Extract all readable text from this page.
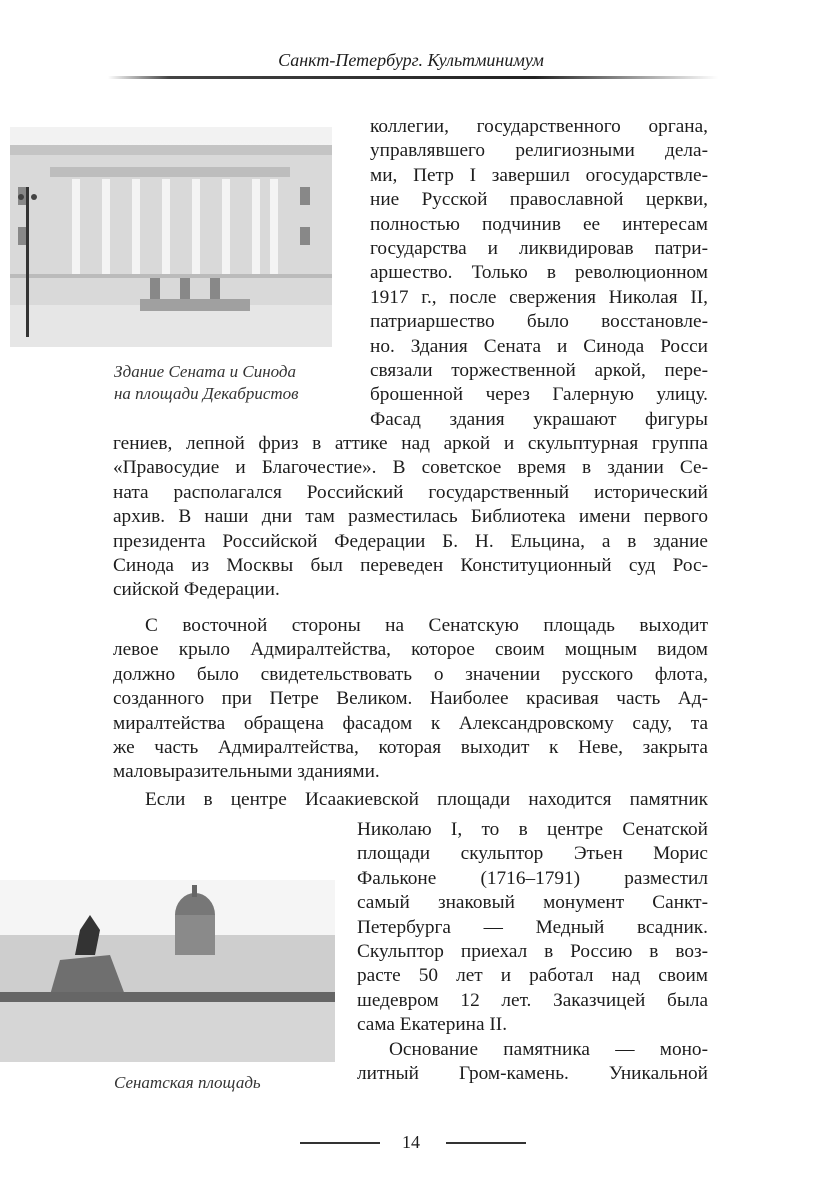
Санкт-Петербург. Культминимум
Здание Сената и Синода
на площади Декабристов
Сенатская площадь
коллегии, государственного органа,
управлявшего религиозными дела-
ми, Петр I завершил огосударствле-
ние Русской православной церкви,
полностью подчинив ее интересам
государства и ликвидировав патри-
аршество. Только в революционном
1917 г., после свержения Николая II,
патриаршество было восстановле-
но. Здания Сената и Синода Росси
связали торжественной аркой, пере-
брошенной через Галерную улицу.
Фасад здания украшают фигуры
гениев, лепной фриз в аттике над аркой и скульптурная группа
«Правосудие и Благочестие». В советское время в здании Се-
ната располагался Российский государственный исторический
архив. В наши дни там разместилась Библиотека имени первого
президента Российской Федерации Б. Н. Ельцина, а в здание
Синода из Москвы был переведен Конституционный суд Рос-
сийской Федерации.
С восточной стороны на Сенатскую площадь выходит
левое крыло Адмиралтейства, которое своим мощным видом
должно было свидетельствовать о значении русского флота,
созданного при Петре Великом. Наиболее красивая часть Ад-
миралтейства обращена фасадом к Александровскому саду, та
же часть Адмиралтейства, которая выходит к Неве, закрыта
маловыразительными зданиями.
Если в центре Исаакиевской площади находится памятник
Николаю I, то в центре Сенатской
площади скульптор Этьен Морис
Фальконе (1716–1791) разместил
самый знаковый монумент Санкт-
Петербурга — Медный всадник.
Скульптор приехал в Россию в воз-
расте 50 лет и работал над своим
шедевром 12 лет. Заказчицей была
сама Екатерина II.
Основание памятника — моно-
литный Гром-камень. Уникальной
14
